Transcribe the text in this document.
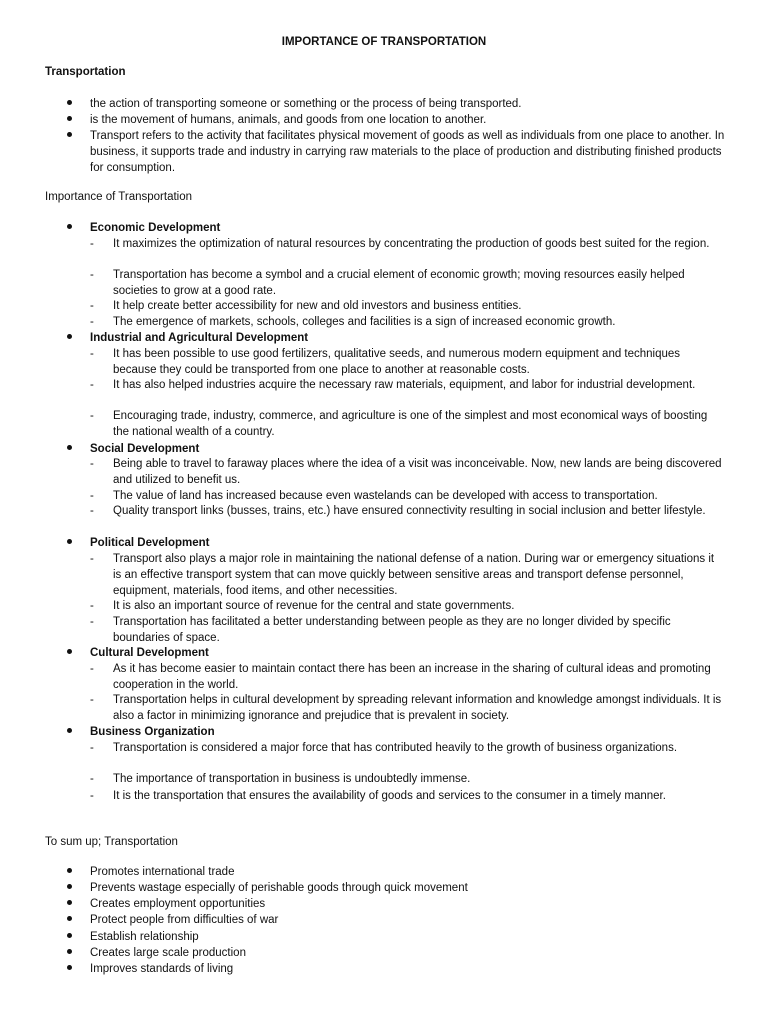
IMPORTANCE OF TRANSPORTATION
Transportation
the action of transporting someone or something or the process of being transported.
is the movement of humans, animals, and goods from one location to another.
Transport refers to the activity that facilitates physical movement of goods as well as individuals from one place to another. In business, it supports trade and industry in carrying raw materials to the place of production and distributing finished products for consumption.
Importance of Transportation
Economic Development
- It maximizes the optimization of natural resources by concentrating the production of goods best suited for the region.
- Transportation has become a symbol and a crucial element of economic growth; moving resources easily helped societies to grow at a good rate.
- It help create better accessibility for new and old investors and business entities.
- The emergence of markets, schools, colleges and facilities is a sign of increased economic growth.
Industrial and Agricultural Development
- It has been possible to use good fertilizers, qualitative seeds, and numerous modern equipment and techniques because they could be transported from one place to another at reasonable costs.
- It has also helped industries acquire the necessary raw materials, equipment, and labor for industrial development.
- Encouraging trade, industry, commerce, and agriculture is one of the simplest and most economical ways of boosting the national wealth of a country.
Social Development
- Being able to travel to faraway places where the idea of a visit was inconceivable. Now, new lands are being discovered and utilized to benefit us.
- The value of land has increased because even wastelands can be developed with access to transportation.
- Quality transport links (busses, trains, etc.) have ensured connectivity resulting in social inclusion and better lifestyle.
Political Development
- Transport also plays a major role in maintaining the national defense of a nation. During war or emergency situations it is an effective transport system that can move quickly between sensitive areas and transport defense personnel, equipment, materials, food items, and other necessities.
- It is also an important source of revenue for the central and state governments.
- Transportation has facilitated a better understanding between people as they are no longer divided by specific boundaries of space.
Cultural Development
- As it has become easier to maintain contact there has been an increase in the sharing of cultural ideas and promoting cooperation in the world.
- Transportation helps in cultural development by spreading relevant information and knowledge amongst individuals. It is also a factor in minimizing ignorance and prejudice that is prevalent in society.
Business Organization
- Transportation is considered a major force that has contributed heavily to the growth of business organizations.
- The importance of transportation in business is undoubtedly immense.
- It is the transportation that ensures the availability of goods and services to the consumer in a timely manner.
To sum up; Transportation
Promotes international trade
Prevents wastage especially of perishable goods through quick movement
Creates employment opportunities
Protect people from difficulties of war
Establish relationship
Creates large scale production
Improves standards of living
